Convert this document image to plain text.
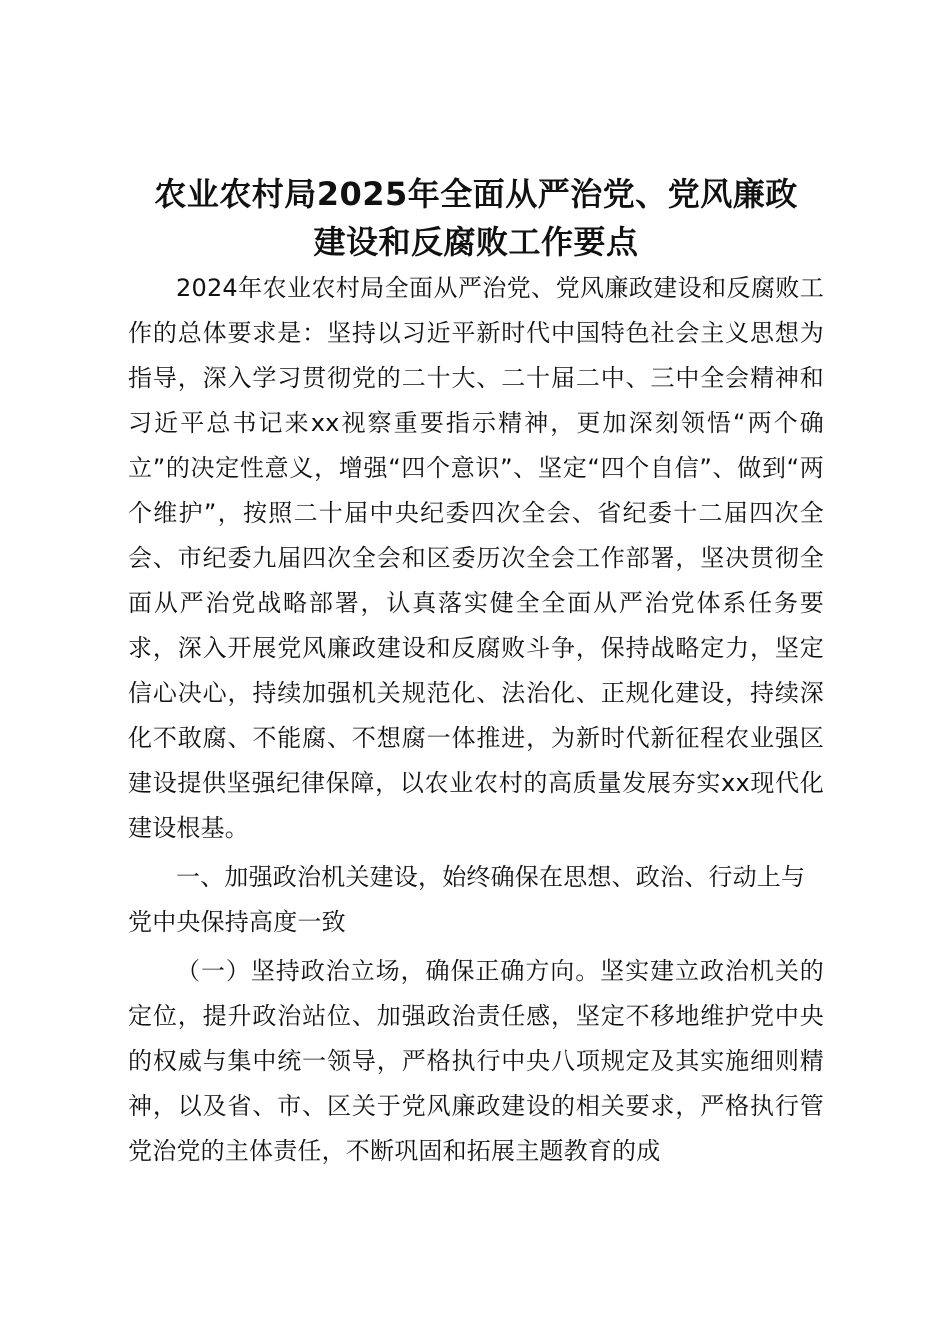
农业农村局2025年全面从严治党、党风廉政
建设和反腐败工作要点

2024年农业农村局全面从严治党、党风廉政建设和反腐败工作的总体要求是：坚持以习近平新时代中国特色社会主义思想为指导，深入学习贯彻党的二十大、二十届二中、三中全会精神和习近平总书记来xx视察重要指示精神，更加深刻领悟“两个确立”的决定性意义，增强“四个意识”、坚定“四个自信”、做到“两个维护”，按照二十届中央纪委四次全会、省纪委十二届四次全会、市纪委九届四次全会和区委历次全会工作部署，坚决贯彻全面从严治党战略部署，认真落实健全全面从严治党体系任务要求，深入开展党风廉政建设和反腐败斗争，保持战略定力，坚定信心决心，持续加强机关规范化、法治化、正规化建设，持续深化不敢腐、不能腐、不想腐一体推进，为新时代新征程农业强区建设提供坚强纪律保障，以农业农村的高质量发展夯实xx现代化建设根基。

一、加强政治机关建设，始终确保在思想、政治、行动上与党中央保持高度一致

（一）坚持政治立场，确保正确方向。坚实建立政治机关的定位，提升政治站位、加强政治责任感，坚定不移地维护党中央的权威与集中统一领导，严格执行中央八项规定及其实施细则精神，以及省、市、区关于党风廉政建设的相关要求，严格执行管党治党的主体责任，不断巩固和拓展主题教育的成
